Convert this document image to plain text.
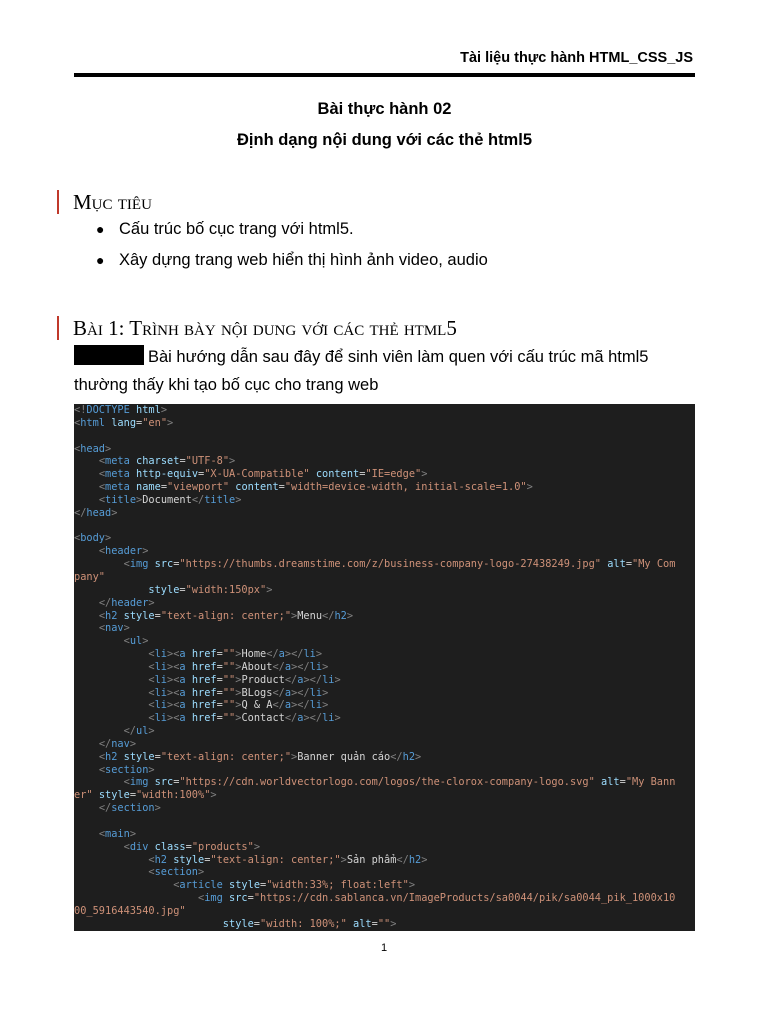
Tài liệu thực hành HTML_CSS_JS
Bài thực hành 02
Định dạng nội dung với các thẻ html5
Mục tiêu
● Cấu trúc bố cục trang với html5.
● Xây dựng trang web hiển thị hình ảnh video, audio
Bài 1: Trình bày nội dung với các thẻ html5
Bài hướng dẫn sau đây để sinh viên làm quen với cấu trúc mã html5 thường thấy khi tạo bố cục cho trang web
<!DOCTYPE html>
<html lang="en">

<head>
<meta charset="UTF-8">
<meta http-equiv="X-UA-Compatible" content="IE=edge">
<meta name="viewport" content="width=device-width, initial-scale=1.0">
<title>Document</title>
</head>

<body>
<header>
<img src="https://thumbs.dreamstime.com/z/business-company-logo-27438249.jpg" alt="My Com
pany"
style="width:150px">
</header>
<h2 style="text-align: center;">Menu</h2>
<nav>
<ul>
<li><a href="">Home</a></li>
<li><a href="">About</a></li>
<li><a href="">Product</a></li>
<li><a href="">BLogs</a></li>
<li><a href="">Q & A</a></li>
<li><a href="">Contact</a></li>
</ul>
</nav>
<h2 style="text-align: center;">Banner quản cáo</h2>
<section>
<img src="https://cdn.worldvectorlogo.com/logos/the-clorox-company-logo.svg" alt="My Bann
er" style="width:100%">
</section>

<main>
<div class="products">
<h2 style="text-align: center;">Sản phẩm</h2>
<section>
<article style="width:33%; float:left">
<img src="https://cdn.sablanca.vn/ImageProducts/sa0044/pik/sa0044_pik_1000x10
00_5916443540.jpg"
style="width: 100%;" alt="">
1
